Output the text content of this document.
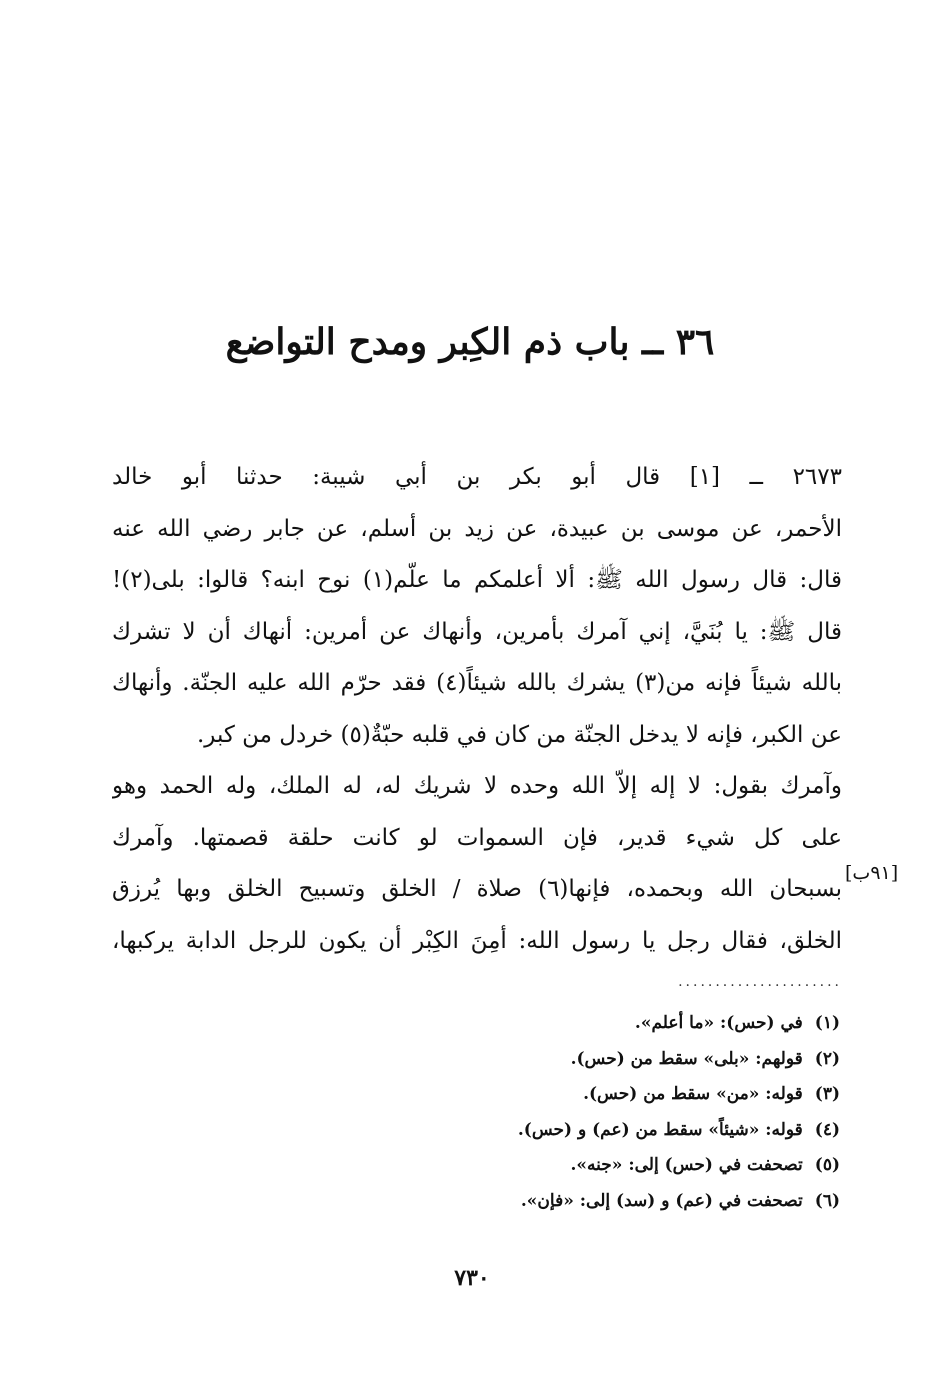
٣٦ ــ باب ذم الكِبر ومدح التواضع
٢٦٧٣ ــ [١] قال أبو بكر بن أبي شيبة: حدثنا أبو خالد
الأحمر، عن موسى بن عبيدة، عن زيد بن أسلم، عن جابر رضي الله عنه
قال: قال رسول الله ﷺ: ألا أعلمكم ما علّم(١) نوح ابنه؟ قالوا: بلى(٢)!
قال ﷺ: يا بُنَيَّ، إني آمرك بأمرين، وأنهاك عن أمرين: أنهاك أن لا تشرك
بالله شيئاً فإنه من(٣) يشرك بالله شيئاً(٤) فقد حرّم الله عليه الجنّة. وأنهاك
عن الكبر، فإنه لا يدخل الجنّة من كان في قلبه حبّةٌ(٥) خردل من كبر.
وآمرك بقول: لا إله إلاّ الله وحده لا شريك له، له الملك، وله الحمد وهو
على كل شيء قدير، فإن السموات لو كانت حلقة قصمتها. وآمرك
بسبحان الله وبحمده، فإنها(٦) صلاة / الخلق وتسبيح الخلق وبها يُرزق
الخلق، فقال رجل يا رسول الله: أمِنَ الكِبْر أن يكون للرجل الدابة يركبها،
[٩١ب]
......................
(١)في (حس): «ما أعلم».
(٢)قولهم: «بلى» سقط من (حس).
(٣)قوله: «من» سقط من (حس).
(٤)قوله: «شيئاً» سقط من (عم) و (حس).
(٥)تصحفت في (حس) إلى: «جنه».
(٦)تصحفت في (عم) و (سد) إلى: «فإن».
٧٣٠
